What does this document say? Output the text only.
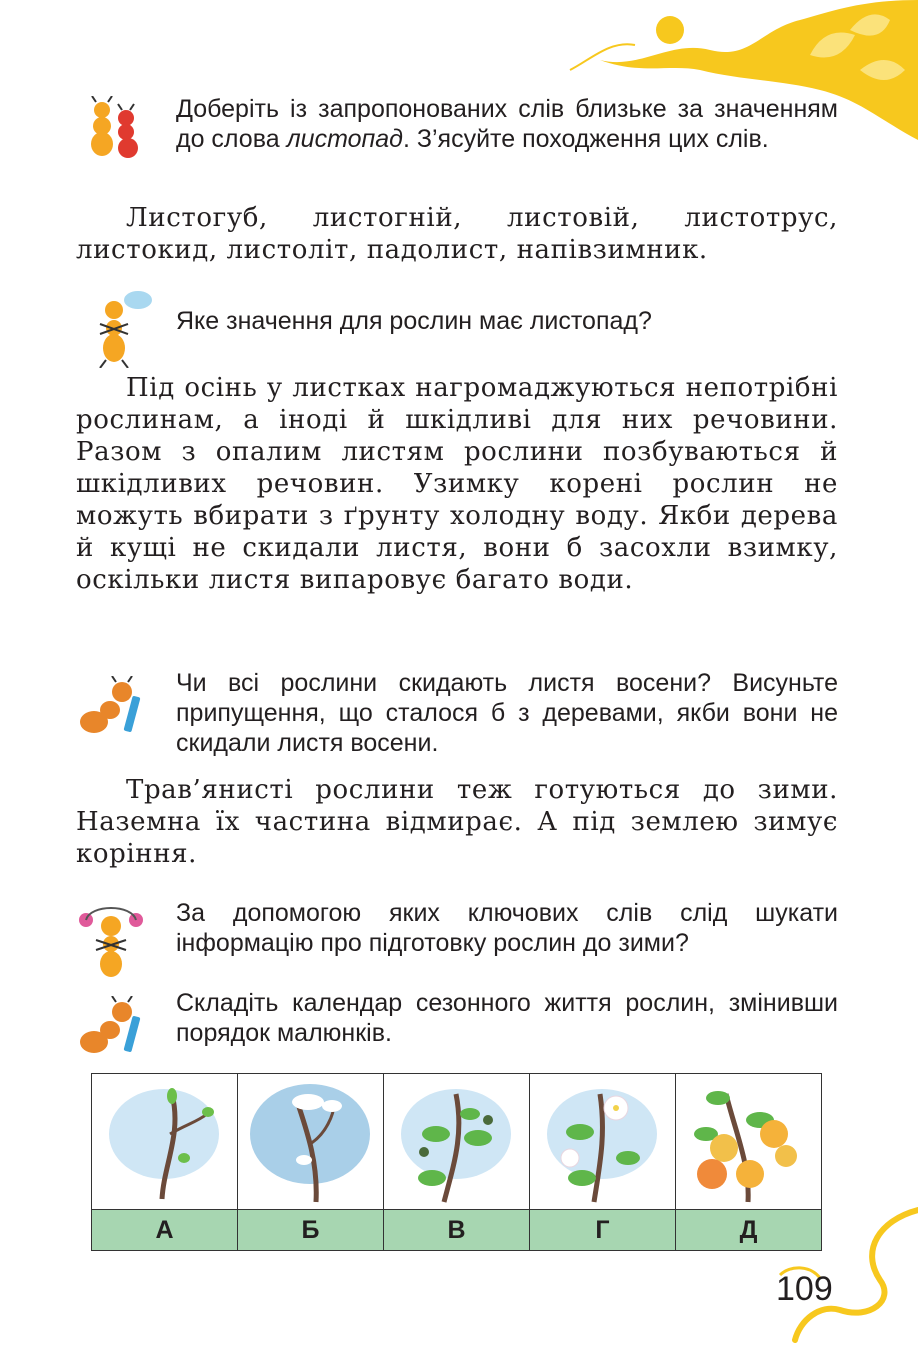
Доберіть із запропонованих слів близьке за значенням до слова листопад. З’ясуйте походження цих слів.
Листогуб, листогній, листовій, листотрус, листокид, листоліт, падолист, напівзимник.
Яке значення для рослин має листопад?
Під осінь у листках нагромаджуються непотрібні рослинам, а іноді й шкідливі для них речовини. Разом з опалим листям рослини позбуваються й шкідливих речовин. Узимку корені рослин не можуть вбирати з ґрунту холодну воду. Якби дерева й кущі не скидали листя, вони б засохли взимку, оскільки листя випаровує багато води.
Чи всі рослини скидають листя восени? Висуньте припущення, що сталося б з деревами, якби вони не скидали листя восени.
Трав’янисті рослини теж готуються до зими. Наземна їх частина відмирає. А під землею зимує коріння.
За допомогою яких ключових слів слід шукати інформацію про підготовку рослин до зими?
Складіть календар сезонного життя рослин, змінивши порядок малюнків.

А	Б	В	Г	Д
109
